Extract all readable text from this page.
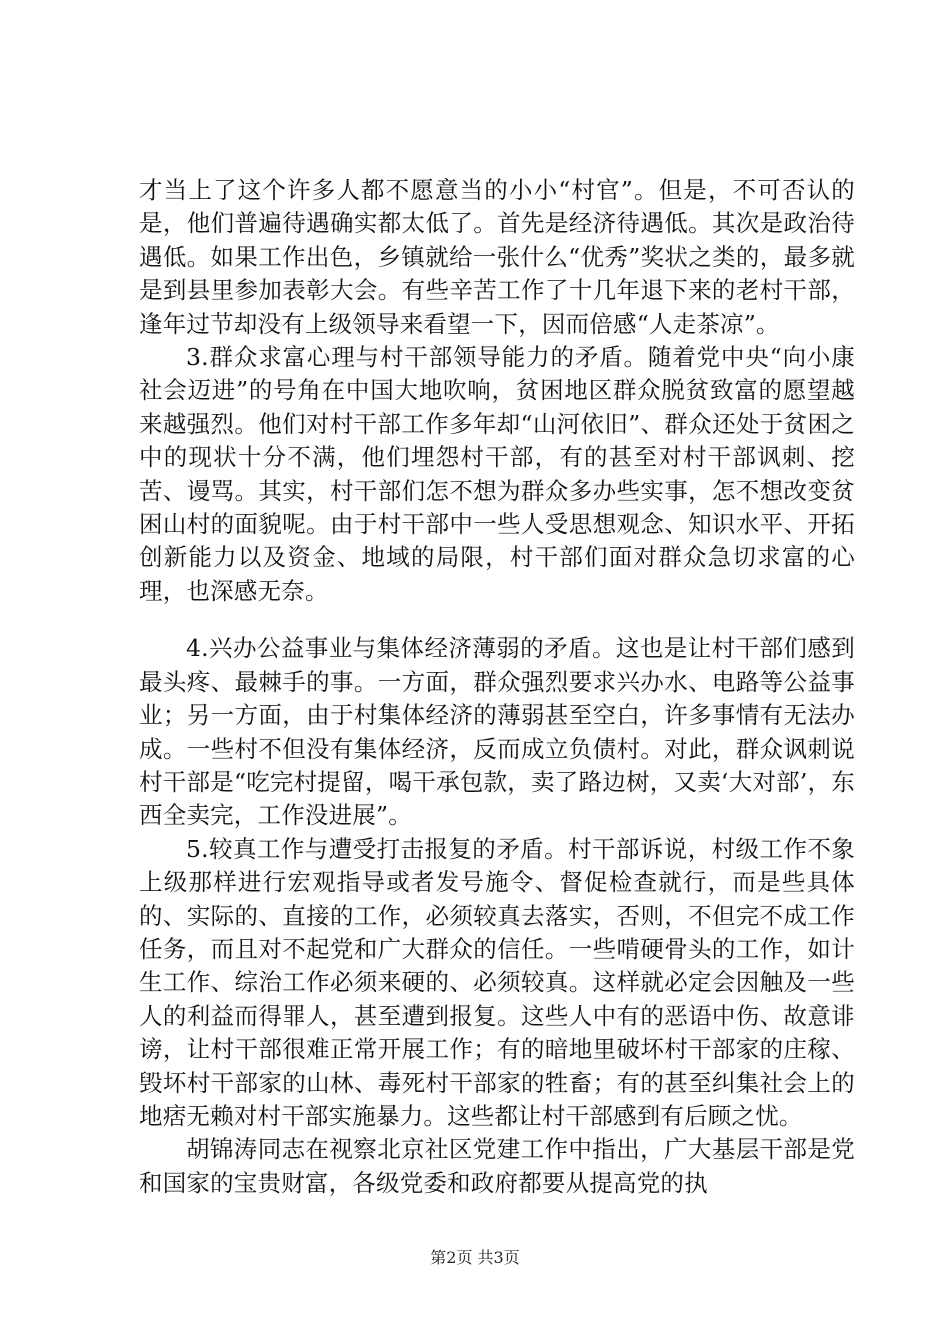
才当上了这个许多人都不愿意当的小小“村官”。但是，不可否认的是，他们普遍待遇确实都太低了。首先是经济待遇低。其次是政治待遇低。如果工作出色，乡镇就给一张什么“优秀”奖状之类的，最多就是到县里参加表彰大会。有些辛苦工作了十几年退下来的老村干部，逢年过节却没有上级领导来看望一下，因而倍感“人走茶凉”。

3.群众求富心理与村干部领导能力的矛盾。随着党中央“向小康社会迈进”的号角在中国大地吹响，贫困地区群众脱贫致富的愿望越来越强烈。他们对村干部工作多年却“山河依旧”、群众还处于贫困之中的现状十分不满，他们埋怨村干部，有的甚至对村干部讽刺、挖苦、谩骂。其实，村干部们怎不想为群众多办些实事，怎不想改变贫困山村的面貌呢。由于村干部中一些人受思想观念、知识水平、开拓创新能力以及资金、地域的局限，村干部们面对群众急切求富的心理，也深感无奈。

4.兴办公益事业与集体经济薄弱的矛盾。这也是让村干部们感到最头疼、最棘手的事。一方面，群众强烈要求兴办水、电路等公益事业；另一方面，由于村集体经济的薄弱甚至空白，许多事情有无法办成。一些村不但没有集体经济，反而成立负债村。对此，群众讽刺说村干部是“吃完村提留，喝干承包款，卖了路边树，又卖‘大对部’，东西全卖完，工作没进展”。

5.较真工作与遭受打击报复的矛盾。村干部诉说，村级工作不象上级那样进行宏观指导或者发号施令、督促检查就行，而是些具体的、实际的、直接的工作，必须较真去落实，否则，不但完不成工作任务，而且对不起党和广大群众的信任。一些啃硬骨头的工作，如计生工作、综治工作必须来硬的、必须较真。这样就必定会因触及一些人的利益而得罪人，甚至遭到报复。这些人中有的恶语中伤、故意诽谤，让村干部很难正常开展工作；有的暗地里破坏村干部家的庄稼、毁坏村干部家的山林、毒死村干部家的牲畜；有的甚至纠集社会上的地痞无赖对村干部实施暴力。这些都让村干部感到有后顾之忧。

胡锦涛同志在视察北京社区党建工作中指出，广大基层干部是党和国家的宝贵财富，各级党委和政府都要从提高党的执

第2页 共3页
